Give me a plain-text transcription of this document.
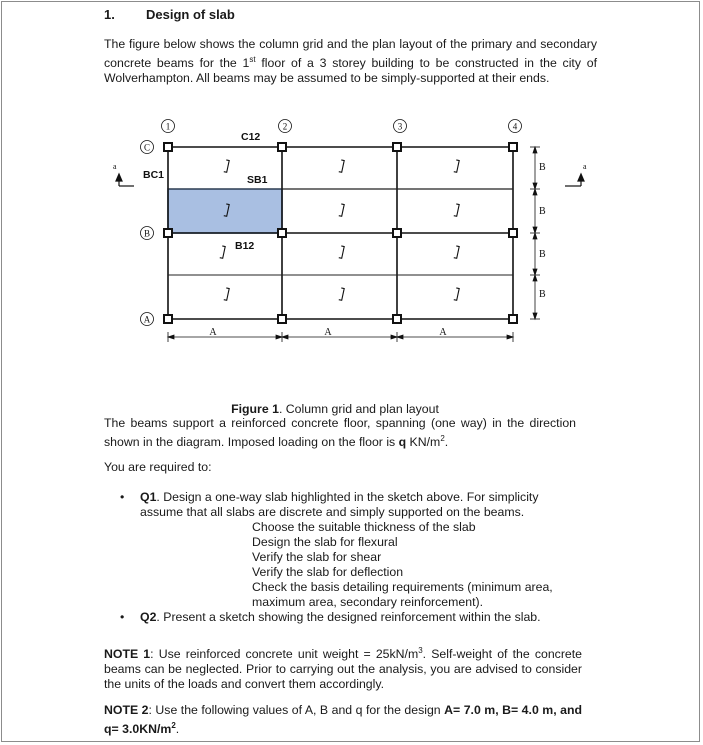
1. Design of slab
The figure below shows the column grid and the plan layout of the primary and secondary concrete beams for the 1st floor of a 3 storey building to be constructed in the city of Wolverhampton. All beams may be assumed to be simply-supported at their ends.
1	2	3	4
C
B
A
C12
BC1	SB1
B12
a	a
A	A	A
B
B
B
B
Figure 1. Column grid and plan layout
The beams support a reinforced concrete floor, spanning (one way) in the direction shown in the diagram. Imposed loading on the floor is q $KN/m^2$.
You are required to:
• Q1. Design a one-way slab highlighted in the sketch above. For simplicity assume that all slabs are discrete and simply supported on the beams.
Choose the suitable thickness of the slab
Design the slab for flexural
Verify the slab for shear
Verify the slab for deflection
Check the basis detailing requirements (minimum area, maximum area, secondary reinforcement).
• Q2. Present a sketch showing the designed reinforcement within the slab.
NOTE 1: Use reinforced concrete unit weight = $25kN/m^3$. Self-weight of the concrete beams can be neglected. Prior to carrying out the analysis, you are advised to consider the units of the loads and convert them accordingly.
NOTE 2: Use the following values of A, B and q for the design A= 7.0 m, B= 4.0 m, and $q= 3.0KN/m^2$.
